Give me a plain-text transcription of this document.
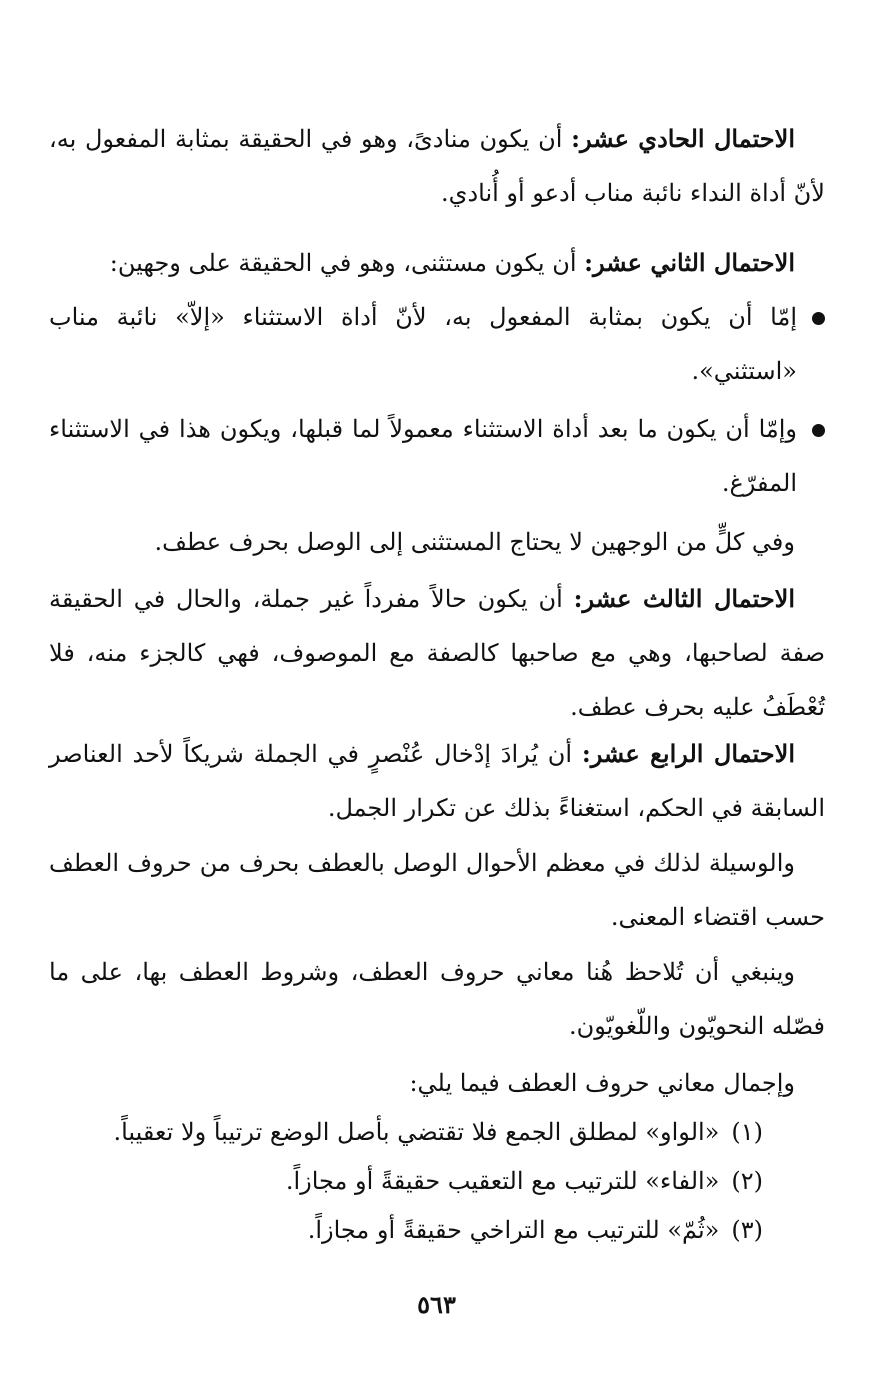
الاحتمال الحادي عشر: أن يكون منادىً، وهو في الحقيقة بمثابة المفعول به، لأنّ أداة النداء نائبة مناب أدعو أو أُنادي.

الاحتمال الثاني عشر: أن يكون مستثنى، وهو في الحقيقة على وجهين:

إمّا أن يكون بمثابة المفعول به، لأنّ أداة الاستثناء «إلاّ» نائبة مناب «استثني».
وإمّا أن يكون ما بعد أداة الاستثناء معمولاً لما قبلها، ويكون هذا في الاستثناء المفرّغ.

وفي كلٍّ من الوجهين لا يحتاج المستثنى إلى الوصل بحرف عطف.

الاحتمال الثالث عشر: أن يكون حالاً مفرداً غير جملة، والحال في الحقيقة صفة لصاحبها، وهي مع صاحبها كالصفة مع الموصوف، فهي كالجزء منه، فلا تُعْطَفُ عليه بحرف عطف.

الاحتمال الرابع عشر: أن يُرادَ إدْخال عُنْصرٍ في الجملة شريكاً لأحد العناصر السابقة في الحكم، استغناءً بذلك عن تكرار الجمل.

والوسيلة لذلك في معظم الأحوال الوصل بالعطف بحرف من حروف العطف حسب اقتضاء المعنى.

وينبغي أن تُلاحظ هُنا معاني حروف العطف، وشروط العطف بها، على ما فصّله النحويّون واللّغويّون.

وإجمال معاني حروف العطف فيما يلي:

(١)«الواو» لمطلق الجمع فلا تقتضي بأصل الوضع ترتيباً ولا تعقيباً.
(٢)«الفاء» للترتيب مع التعقيب حقيقةً أو مجازاً.
(٣)«ثُمّ» للترتيب مع التراخي حقيقةً أو مجازاً.
٥٦٣
